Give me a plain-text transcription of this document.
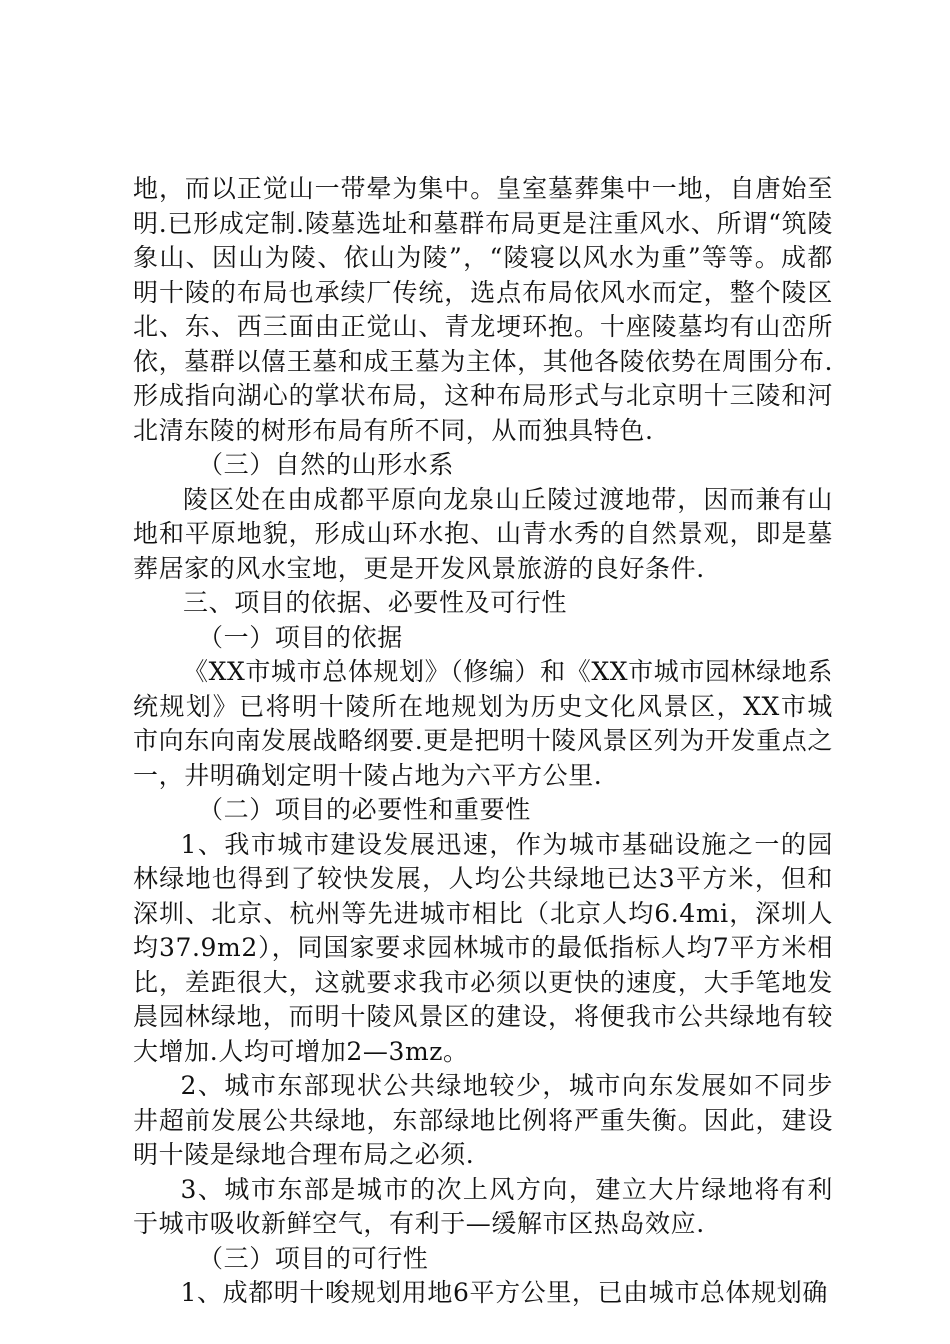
地，而以正觉山一带晕为集中。皇室墓葬集中一地，自唐始至明.已形成定制.陵墓选址和墓群布局更是注重风水、所谓“筑陵象山、因山为陵、依山为陵”，“陵寝以风水为重”等等。成都明十陵的布局也承续厂传统，选点布局依风水而定，整个陵区北、东、西三面由正觉山、青龙埂环抱。十座陵墓均有山峦所依，墓群以僖王墓和成王墓为主体，其他各陵依势在周围分布.形成指向湖心的掌状布局，这种布局形式与北京明十三陵和河北清东陵的树形布局有所不同，从而独具特色.

（三）自然的山形水系

陵区处在由成都平原向龙泉山丘陵过渡地带，因而兼有山地和平原地貌，形成山环水抱、山青水秀的自然景观，即是墓葬居家的风水宝地，更是开发风景旅游的良好条件.

三、项目的依据、必要性及可行性

（一）项目的依据

《XX市城市总体规划》（修编）和《XX市城市园林绿地系统规划》已将明十陵所在地规划为历史文化风景区，XX市城市向东向南发展战略纲要.更是把明十陵风景区列为开发重点之一，井明确划定明十陵占地为六平方公里.

（二）项目的必要性和重要性

1、我市城市建设发展迅速，作为城市基础设施之一的园林绿地也得到了较快发展，人均公共绿地已达3平方米，但和深圳、北京、杭州等先进城市相比（北京人均6.4mi，深圳人均37.9m2），同国家要求园林城市的最低指标人均7平方米相比，差距很大，这就要求我市必须以更快的速度，大手笔地发晨园林绿地，而明十陵风景区的建设，将便我市公共绿地有较大增加.人均可增加2—3mz。

2、城市东部现状公共绿地较少，城市向东发展如不同步井超前发展公共绿地，东部绿地比例将严重失衡。因此，建设明十陵是绿地合理布局之必须.

3、城市东部是城市的次上风方向，建立大片绿地将有利于城市吸收新鲜空气，有利于—缓解市区热岛效应.

（三）项目的可行性

1、成都明十唆规划用地6平方公里，已由城市总体规划确
